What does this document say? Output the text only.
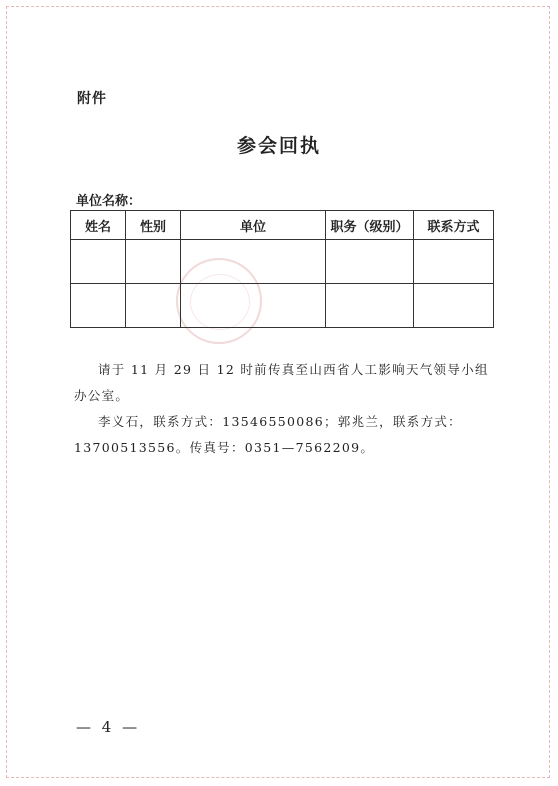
附件
参会回执
单位名称：
姓名	性别	单位	职务（级别）	联系方式

请于 11 月 29 日 12 时前传真至山西省人工影响天气领导小组办公室。

李义石，联系方式：13546550086；郭兆兰，联系方式：13700513556。传真号：0351—7562209。

— 4 —
